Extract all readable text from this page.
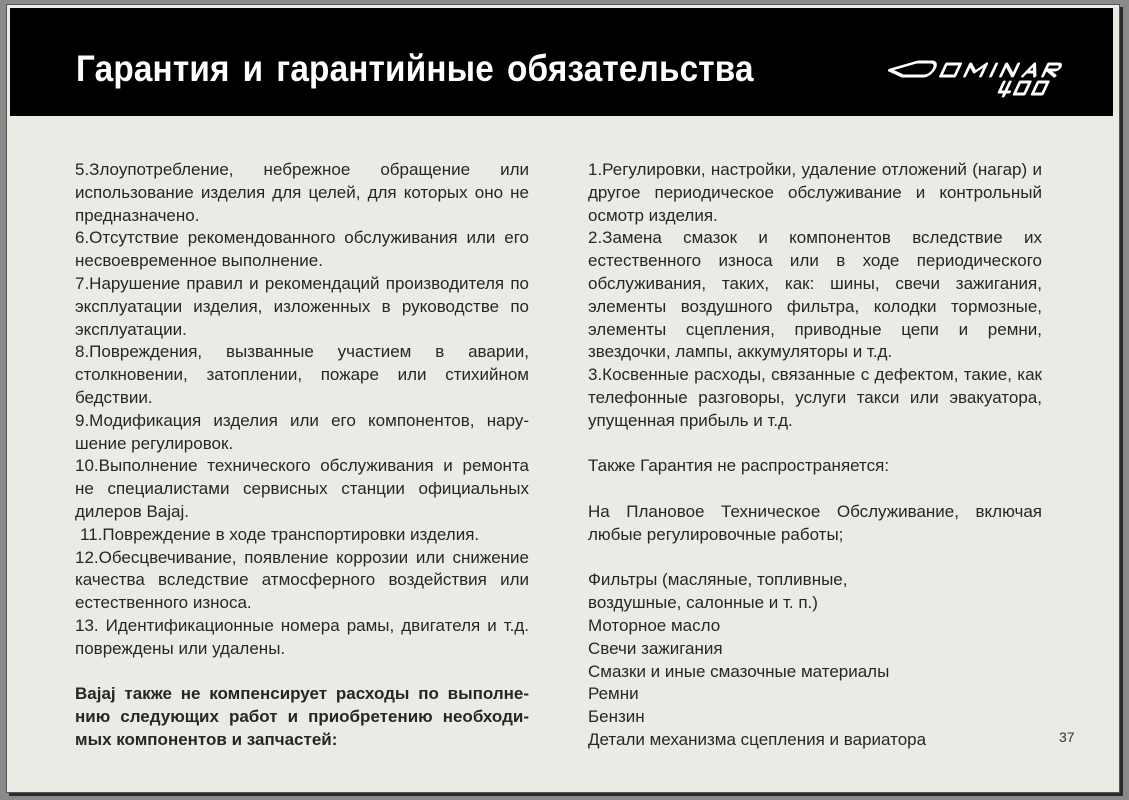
Гарантия и гарантийные обязательства

5.Злоупотребление, небрежное обращение или использование изделия для целей, для которых оно не предназначено.

6.Отсутствие рекомендованного обслуживания или его несвоевременное выполнение.

7.Нарушение правил и рекомендаций производителя по эксплуатации изделия, изложенных в руководстве по эксплуатации.

8.Повреждения, вызванные участием в аварии, столкновении, затоплении, пожаре или стихийном бедствии.

9.Модификация изделия или его компонентов, нару-шение регулировок.

10.Выполнение технического обслуживания и ремонта не специалистами сервисных станции официальных дилеров Bajaj.

11.Повреждение в ходе транспортировки изделия.

12.Обесцвечивание, появление коррозии или снижение качества вследствие атмосферного воздействия или естественного износа.

13. Идентификационные номера рамы, двигателя и т.д. повреждены или удалены.

Bajaj также не компенсирует расходы по выполне-нию следующих работ и приобретению необходи-мых компонентов и запчастей:

1.Регулировки, настройки, удаление отложений (нагар) и другое периодическое обслуживание и контрольный осмотр изделия.

2.Замена смазок и компонентов вследствие их естественного износа или в ходе периодического обслуживания, таких, как: шины, свечи зажигания, элементы воздушного фильтра, колодки тормозные, элементы сцепления, приводные цепи и ремни, звездочки, лампы, аккумуляторы и т.д.

3.Косвенные расходы, связанные с дефектом, такие, как телефонные разговоры, услуги такси или эвакуатора, упущенная прибыль и т.д.

Также Гарантия не распространяется:

На Плановое Техническое Обслуживание, включая любые регулировочные работы;

Фильтры (масляные, топливные,

воздушные, салонные и т. п.)

Моторное масло

Свечи зажигания

Смазки и иные смазочные материалы

Ремни

Бензин

Детали механизма сцепления и вариатора	37
